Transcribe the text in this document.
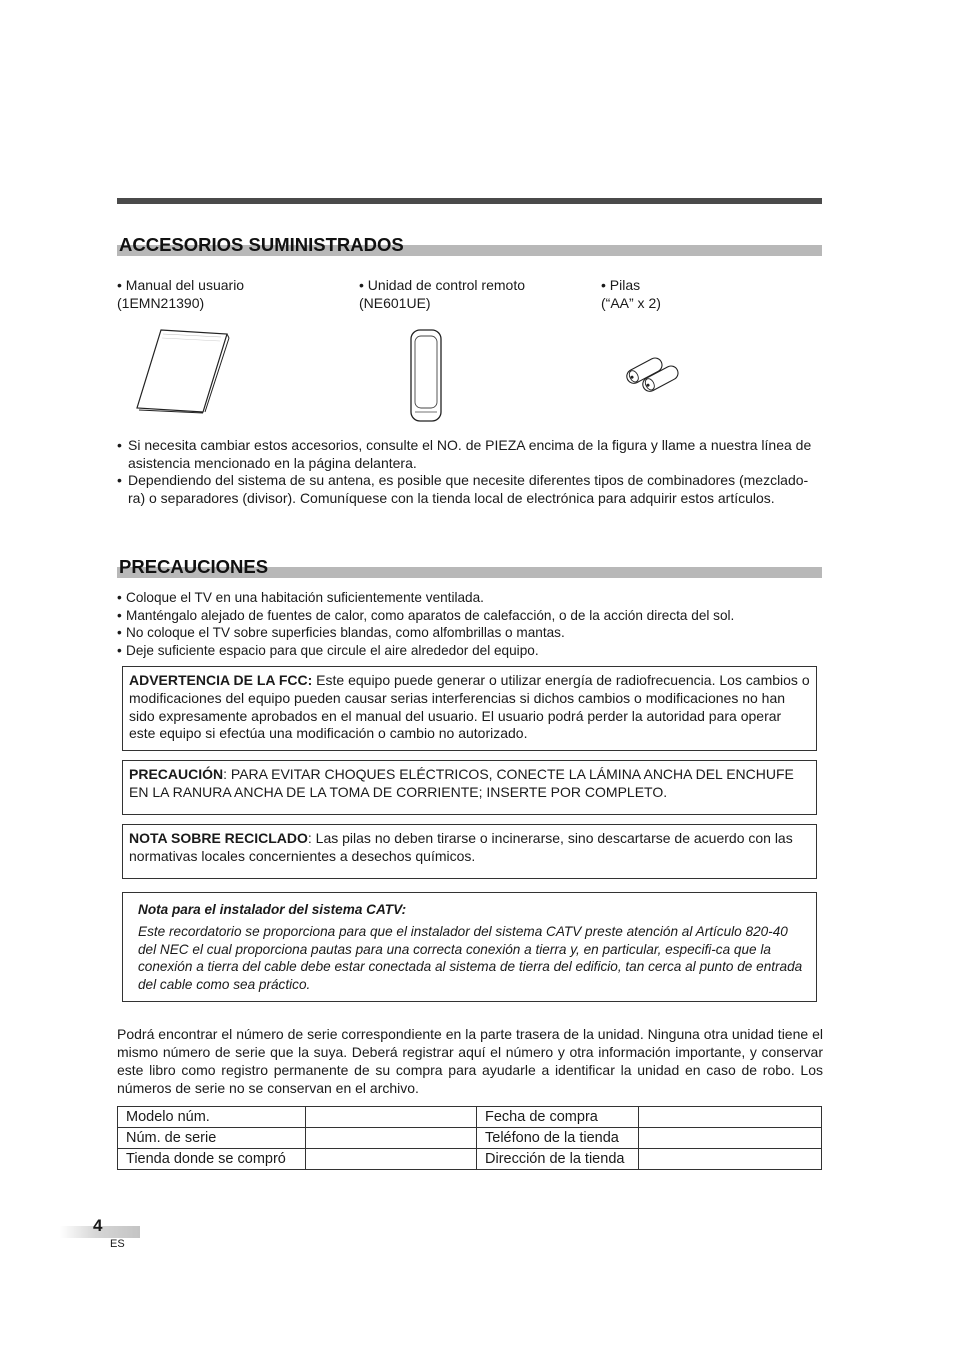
ACCESORIOS SUMINISTRADOS
• Manual del usuario
(1EMN21390)
• Unidad de control remoto
(NE601UE)
• Pilas
(“AA” x 2)
• Si necesita cambiar estos accesorios, consulte el NO. de PIEZA encima de la figura y llame a nuestra línea de asistencia mencionado en la página delantera.
• Dependiendo del sistema de su antena, es posible que necesite diferentes tipos de combinadores (mezclado-ra) o separadores (divisor). Comuníquese con la tienda local de electrónica para adquirir estos artículos.
PRECAUCIONES
• Coloque el TV en una habitación suficientemente ventilada.
• Manténgalo alejado de fuentes de calor, como aparatos de calefacción, o de la acción directa del sol.
• No coloque el TV sobre superficies blandas, como alfombrillas o mantas.
• Deje suficiente espacio para que circule el aire alrededor del equipo.
ADVERTENCIA DE LA FCC: Este equipo puede generar o utilizar energía de radiofrecuencia. Los cambios o modificaciones del equipo pueden causar serias interferencias si dichos cambios o modificaciones no han sido expresamente aprobados en el manual del usuario. El usuario podrá perder la autoridad para operar este equipo si efectúa una modificación o cambio no autorizado.
PRECAUCIÓN: PARA EVITAR CHOQUES ELÉCTRICOS, CONECTE LA LÁMINA ANCHA DEL ENCHUFE EN LA RANURA ANCHA DE LA TOMA DE CORRIENTE; INSERTE POR COMPLETO.
NOTA SOBRE RECICLADO: Las pilas no deben tirarse o incinerarse, sino descartarse de acuerdo con las normativas locales concernientes a desechos químicos.
Nota para el instalador del sistema CATV:
Este recordatorio se proporciona para que el instalador del sistema CATV preste atención al Artículo 820-40 del NEC el cual proporciona pautas para una correcta conexión a tierra y, en particular, especifi-ca que la conexión a tierra del cable debe estar conectada al sistema de tierra del edificio, tan cerca al punto de entrada del cable como sea práctico.
Podrá encontrar el número de serie correspondiente en la parte trasera de la unidad. Ninguna otra unidad tiene el mismo número de serie que la suya. Deberá registrar aquí el número y otra información importante, y conservar este libro como registro permanente de su compra para ayudarle a identificar la unidad en caso de robo. Los números de serie no se conservan en el archivo.
Modelo núm.		Fecha de compra	
Núm. de serie		Teléfono de la tienda	
Tienda donde se compró		Dirección de la tienda	
4
ES
